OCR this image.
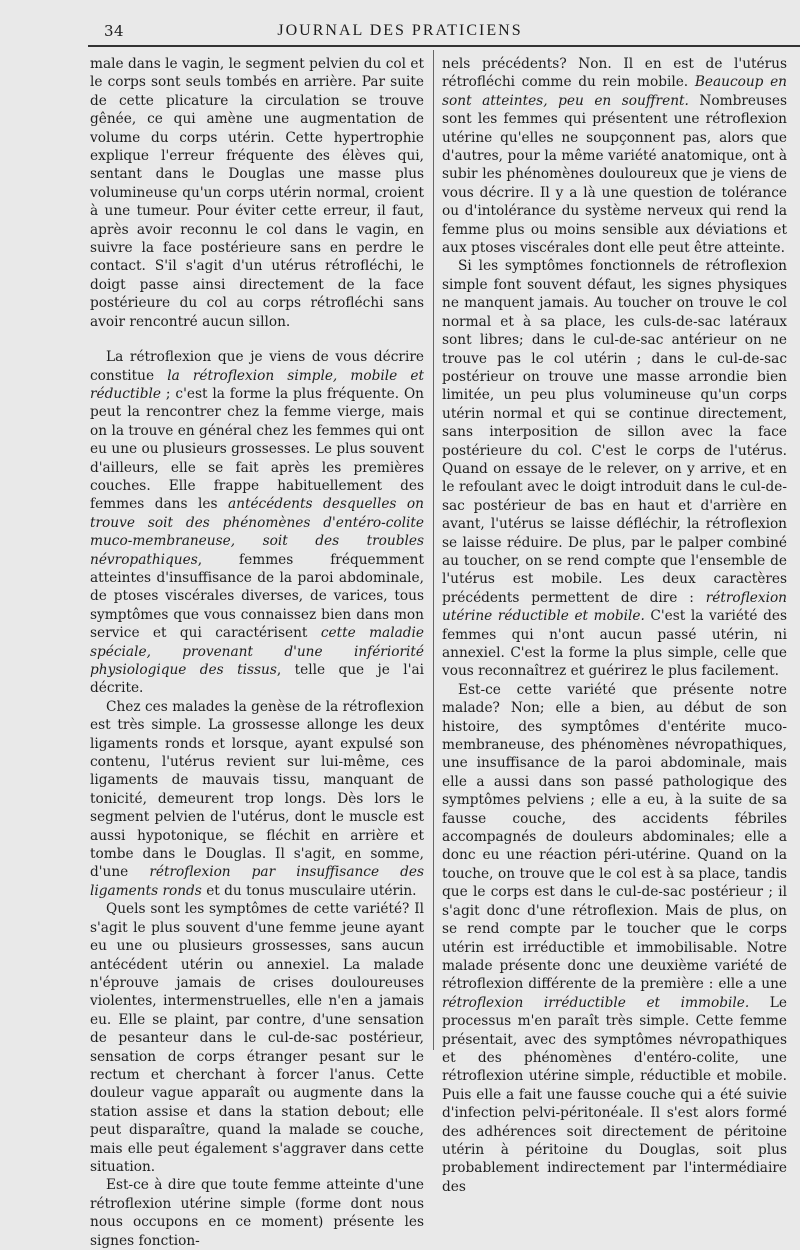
34	JOURNAL DES PRATICIENS

male dans le vagin, le segment pelvien du col et le corps sont seuls tombés en arrière. Par suite de cette plicature la circulation se trouve gênée, ce qui amène une augmentation de volume du corps utérin. Cette hypertrophie explique l'erreur fréquente des élèves qui, sentant dans le Douglas une masse plus volumineuse qu'un corps utérin normal, croient à une tumeur. Pour éviter cette erreur, il faut, après avoir reconnu le col dans le vagin, en suivre la face postérieure sans en perdre le contact. S'il s'agit d'un utérus rétrofléchi, le doigt passe ainsi directement de la face postérieure du col au corps rétrofléchi sans avoir rencontré aucun sillon.

La rétroflexion que je viens de vous décrire constitue la rétroflexion simple, mobile et réductible ; c'est la forme la plus fréquente. On peut la rencontrer chez la femme vierge, mais on la trouve en général chez les femmes qui ont eu une ou plusieurs grossesses. Le plus souvent d'ailleurs, elle se fait après les premières couches. Elle frappe habituellement des femmes dans les antécédents desquelles on trouve soit des phénomènes d'entéro-colite muco-membraneuse, soit des troubles névropathiques, femmes fréquemment atteintes d'insuffisance de la paroi abdominale, de ptoses viscérales diverses, de varices, tous symptômes que vous connaissez bien dans mon service et qui caractérisent cette maladie spéciale, provenant d'une infériorité physiologique des tissus, telle que je l'ai décrite.

Chez ces malades la genèse de la rétroflexion est très simple. La grossesse allonge les deux ligaments ronds et lorsque, ayant expulsé son contenu, l'utérus revient sur lui-même, ces ligaments de mauvais tissu, manquant de tonicité, demeurent trop longs. Dès lors le segment pelvien de l'utérus, dont le muscle est aussi hypotonique, se fléchit en arrière et tombe dans le Douglas. Il s'agit, en somme, d'une rétroflexion par insuffisance des ligaments ronds et du tonus musculaire utérin.

Quels sont les symptômes de cette variété? Il s'agit le plus souvent d'une femme jeune ayant eu une ou plusieurs grossesses, sans aucun antécédent utérin ou annexiel. La malade n'éprouve jamais de crises douloureuses violentes, intermenstruelles, elle n'en a jamais eu. Elle se plaint, par contre, d'une sensation de pesanteur dans le cul-de-sac postérieur, sensation de corps étranger pesant sur le rectum et cherchant à forcer l'anus. Cette douleur vague apparaît ou augmente dans la station assise et dans la station debout; elle peut disparaître, quand la malade se couche, mais elle peut également s'aggraver dans cette situation.

Est-ce à dire que toute femme atteinte d'une rétroflexion utérine simple (forme dont nous nous occupons en ce moment) présente les signes fonction-

nels précédents? Non. Il en est de l'utérus rétrofléchi comme du rein mobile. Beaucoup en sont atteintes, peu en souffrent. Nombreuses sont les femmes qui présentent une rétroflexion utérine qu'elles ne soupçonnent pas, alors que d'autres, pour la même variété anatomique, ont à subir les phénomènes douloureux que je viens de vous décrire. Il y a là une question de tolérance ou d'intolérance du système nerveux qui rend la femme plus ou moins sensible aux déviations et aux ptoses viscérales dont elle peut être atteinte.

Si les symptômes fonctionnels de rétroflexion simple font souvent défaut, les signes physiques ne manquent jamais. Au toucher on trouve le col normal et à sa place, les culs-de-sac latéraux sont libres; dans le cul-de-sac antérieur on ne trouve pas le col utérin ; dans le cul-de-sac postérieur on trouve une masse arrondie bien limitée, un peu plus volumineuse qu'un corps utérin normal et qui se continue directement, sans interposition de sillon avec la face postérieure du col. C'est le corps de l'utérus. Quand on essaye de le relever, on y arrive, et en le refoulant avec le doigt introduit dans le cul-de-sac postérieur de bas en haut et d'arrière en avant, l'utérus se laisse défléchir, la rétroflexion se laisse réduire. De plus, par le palper combiné au toucher, on se rend compte que l'ensemble de l'utérus est mobile. Les deux caractères précédents permettent de dire : rétroflexion utérine réductible et mobile. C'est la variété des femmes qui n'ont aucun passé utérin, ni annexiel. C'est la forme la plus simple, celle que vous reconnaîtrez et guérirez le plus facilement.

Est-ce cette variété que présente notre malade? Non; elle a bien, au début de son histoire, des symptômes d'entérite muco-membraneuse, des phénomènes névropathiques, une insuffisance de la paroi abdominale, mais elle a aussi dans son passé pathologique des symptômes pelviens ; elle a eu, à la suite de sa fausse couche, des accidents fébriles accompagnés de douleurs abdominales; elle a donc eu une réaction péri-utérine. Quand on la touche, on trouve que le col est à sa place, tandis que le corps est dans le cul-de-sac postérieur ; il s'agit donc d'une rétroflexion. Mais de plus, on se rend compte par le toucher que le corps utérin est irréductible et immobilisable. Notre malade présente donc une deuxième variété de rétroflexion différente de la première : elle a une rétroflexion irréductible et immobile. Le processus m'en paraît très simple. Cette femme présentait, avec des symptômes névropathiques et des phénomènes d'entéro-colite, une rétroflexion utérine simple, réductible et mobile. Puis elle a fait une fausse couche qui a été suivie d'infection pelvi-péritonéale. Il s'est alors formé des adhérences soit directement de péritoine utérin à péritoine du Douglas, soit plus probablement indirectement par l'intermédiaire des
